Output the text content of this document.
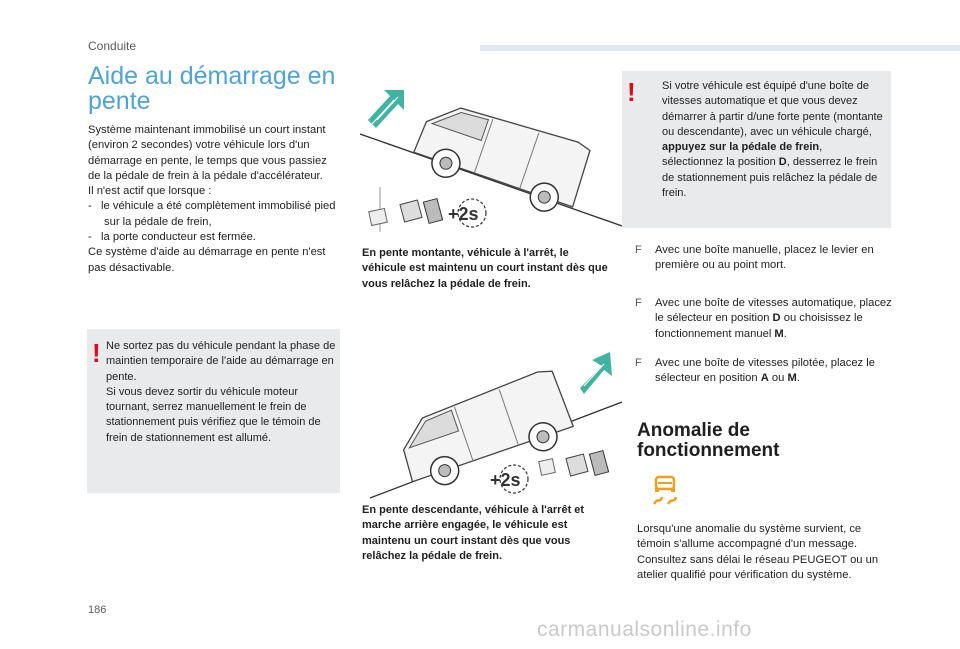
Conduite
Aide au démarrage en pente
Système maintenant immobilisé un court instant (environ 2 secondes) votre véhicule lors d'un démarrage en pente, le temps que vous passiez de la pédale de frein à la pédale d'accélérateur.
Il n'est actif que lorsque :
-   le véhicule a été complètement immobilisé pied sur la pédale de frein,
-   la porte conducteur est fermée.
Ce système d'aide au démarrage en pente n'est pas désactivable.
! Ne sortez pas du véhicule pendant la phase de maintien temporaire de l'aide au démarrage en pente.
Si vous devez sortir du véhicule moteur tournant, serrez manuellement le frein de stationnement puis vérifiez que le témoin de frein de stationnement est allumé.
+2s
En pente montante, véhicule à l'arrêt, le véhicule est maintenu un court instant dès que vous relâchez la pédale de frein.
+2s
En pente descendante, véhicule à l'arrêt et marche arrière engagée, le véhicule est maintenu un court instant dès que vous relâchez la pédale de frein.
! Si votre véhicule est équipé d'une boîte de vitesses automatique et que vous devez démarrer à partir d/une forte pente (montante ou descendante), avec un véhicule chargé, appuyez sur la pédale de frein, sélectionnez la position D, desserrez le frein de stationnement puis relâchez la pédale de frein.
F	Avec une boîte manuelle, placez le levier en première ou au point mort.
F	Avec une boîte de vitesses automatique, placez le sélecteur en position D ou choisissez le fonctionnement manuel M.
F	Avec une boîte de vitesses pilotée, placez le sélecteur en position A ou M.
Anomalie de fonctionnement
Lorsqu'une anomalie du système survient, ce témoin s'allume accompagné d'un message. Consultez sans délai le réseau PEUGEOT ou un atelier qualifié pour vérification du système.
186
carmanualsonline.info
